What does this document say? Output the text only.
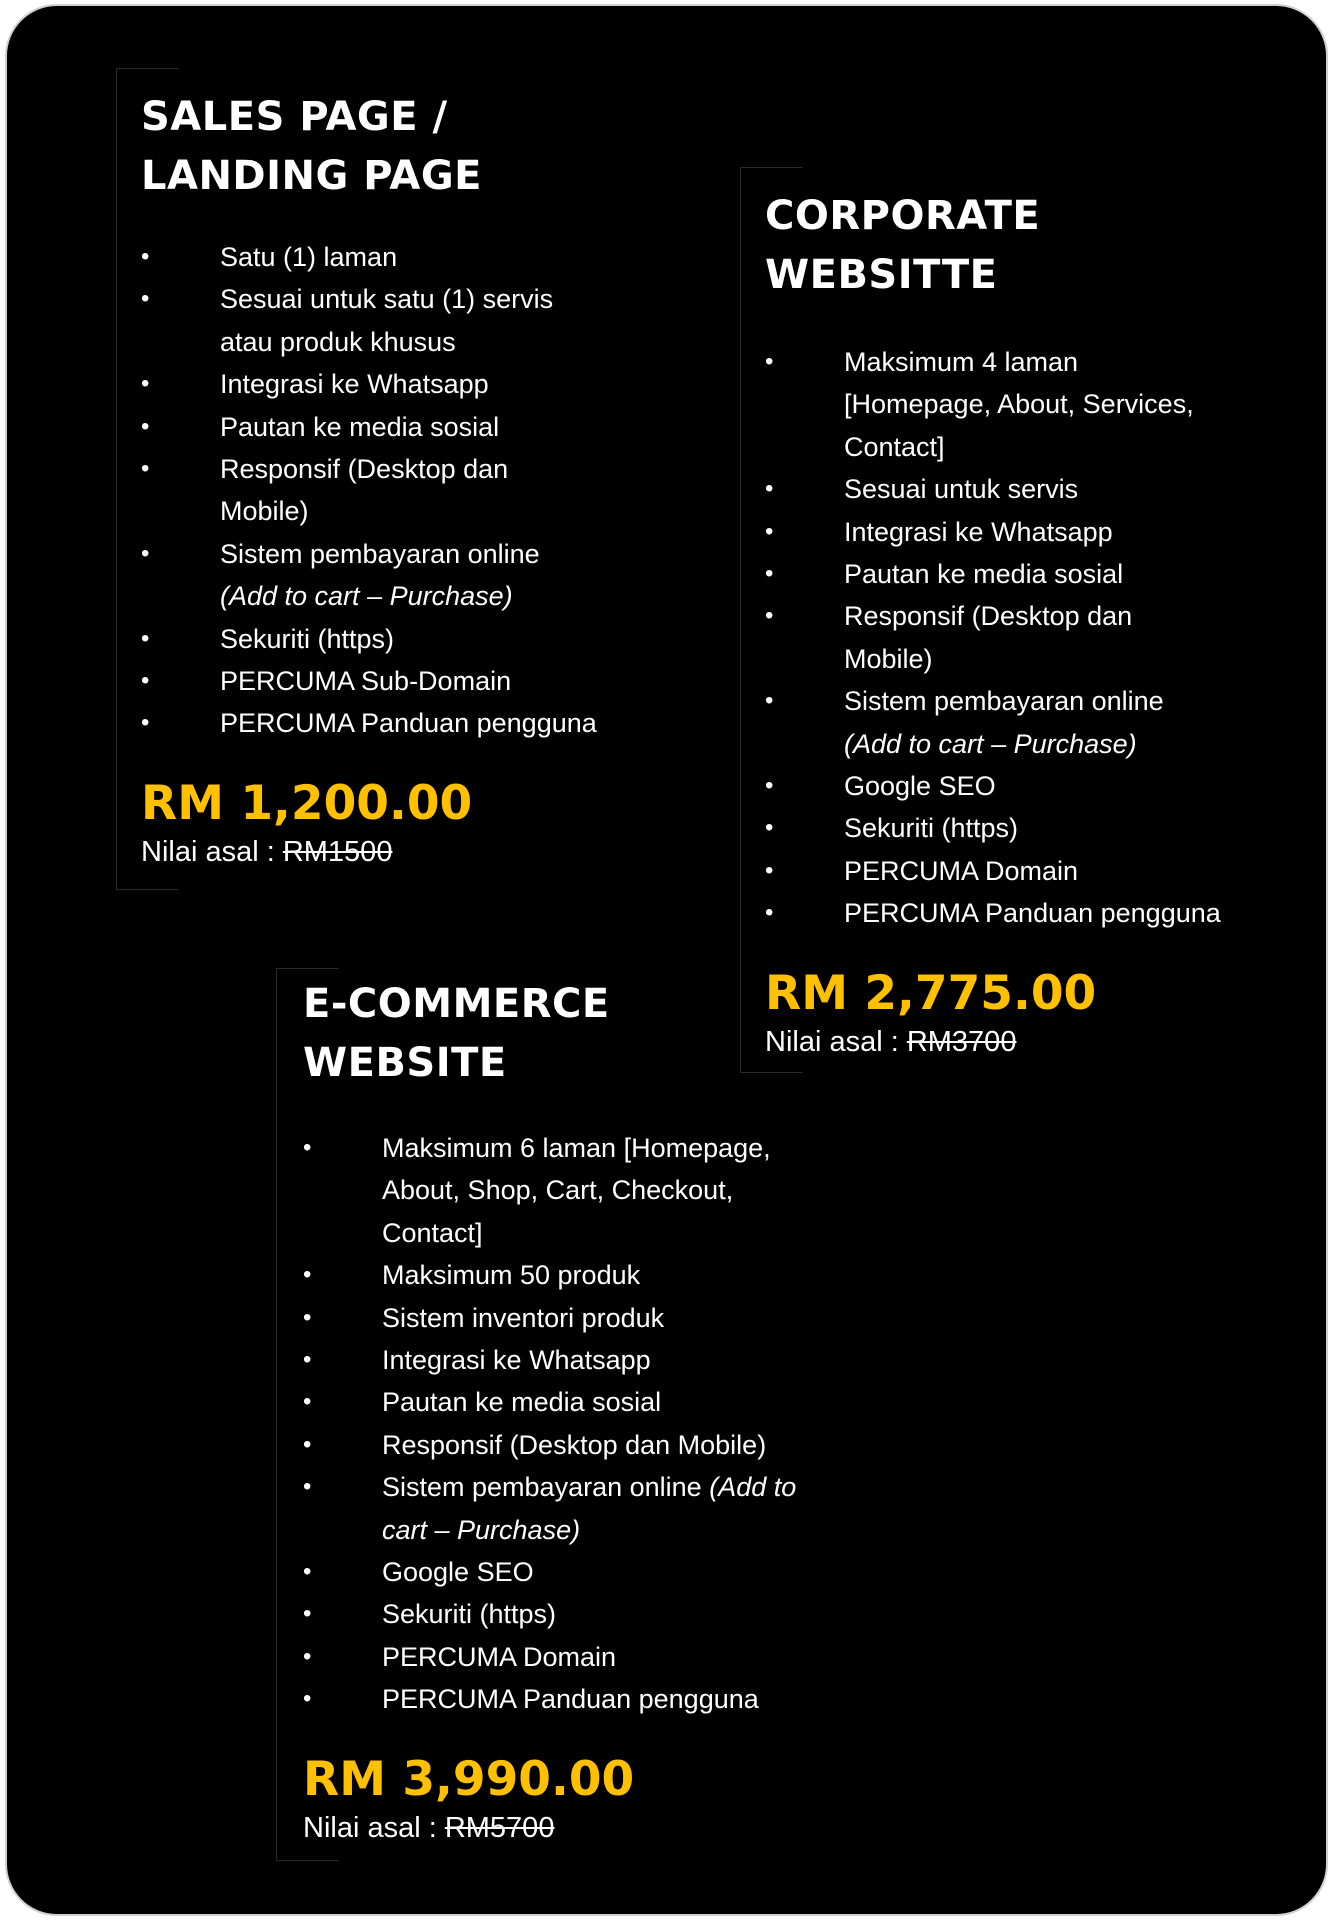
SALES PAGE /
LANDING PAGE
•	Satu (1) laman
•	Sesuai untuk satu (1) servis
atau produk khusus
•	Integrasi ke Whatsapp
•	Pautan ke media sosial
•	Responsif (Desktop dan
Mobile)
•	Sistem pembayaran online
(Add to cart – Purchase)
•	Sekuriti (https)
•	PERCUMA Sub-Domain
•	PERCUMA Panduan pengguna
RM 1,200.00
Nilai asal : RM1500
CORPORATE
WEBSITTE
•	Maksimum 4 laman
[Homepage, About, Services,
Contact]
•	Sesuai untuk servis
•	Integrasi ke Whatsapp
•	Pautan ke media sosial
•	Responsif (Desktop dan
Mobile)
•	Sistem pembayaran online
(Add to cart – Purchase)
•	Google SEO
•	Sekuriti (https)
•	PERCUMA Domain
•	PERCUMA Panduan pengguna
RM 2,775.00
Nilai asal : RM3700
E-COMMERCE
WEBSITE
•	Maksimum 6 laman [Homepage,
About, Shop, Cart, Checkout,
Contact]
•	Maksimum 50 produk
•	Sistem inventori produk
•	Integrasi ke Whatsapp
•	Pautan ke media sosial
•	Responsif (Desktop dan Mobile)
•	Sistem pembayaran online (Add to
cart – Purchase)
•	Google SEO
•	Sekuriti (https)
•	PERCUMA Domain
•	PERCUMA Panduan pengguna
RM 3,990.00
Nilai asal : RM5700
